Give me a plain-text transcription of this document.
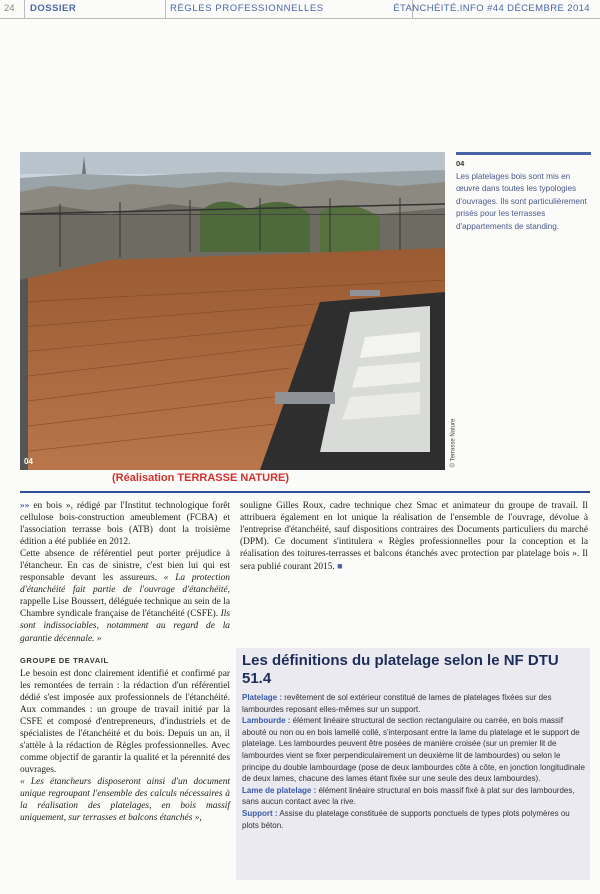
24 DOSSIER	RÈGLES PROFESSIONNELLES	ÉTANCHÉITÉ.INFO #44 DÉCEMBRE 2014
04	© Terrasse Nature
04
Les platelages bois sont mis en œuvre dans toutes les typologies d'ouvrages. Ils sont particulièrement prisés pour les terrasses d'appartements de standing.
(Réalisation TERRASSE NATURE)

»» en bois », rédigé par l'Institut technologique forêt cellulose bois-construction ameublement (FCBA) et l'association terrasse bois (ATB) dont la troisième édition a été publiée en 2012.

Cette absence de référentiel peut porter préjudice à l'étancheur. En cas de sinistre, c'est bien lui qui est responsable devant les assureurs. « La protection d'étanchéité fait partie de l'ouvrage d'étanchéité, rappelle Lise Boussert, déléguée technique au sein de la Chambre syndicale française de l'étanchéité (CSFE). Ils sont indissociables, notamment au regard de la garantie décennale. »

GROUPE DE TRAVAIL

Le besoin est donc clairement identifié et confirmé par les remontées de terrain : la rédaction d'un référentiel dédié s'est imposée aux professionnels de l'étanchéité. Aux commandes : un groupe de travail initié par la CSFE et composé d'entrepreneurs, d'industriels et de spécialistes de l'étanchéité et du bois. Depuis un an, il s'attèle à la rédaction de Règles professionnelles. Avec comme objectif de garantir la qualité et la pérennité des ouvrages.

« Les étancheurs disposeront ainsi d'un document unique regroupant l'ensemble des calculs nécessaires à la réalisation des platelages, en bois massif uniquement, sur terrasses et balcons étanchés »,

souligne Gilles Roux, cadre technique chez Smac et animateur du groupe de travail. Il attribuera également en lot unique la réalisation de l'ensemble de l'ouvrage, dévolue à l'entreprise d'étanchéité, sauf dispositions contraires des Documents particuliers du marché (DPM). Ce document s'intitulera « Règles professionnelles pour la conception et la réalisation des toitures-terrasses et balcons étanchés avec protection par platelage bois ». Il sera publié courant 2015. ■

Les définitions du platelage selon le NF DTU 51.4

Platelage : revêtement de sol extérieur constitué de lames de platelages fixées sur des lambourdes reposant elles-mêmes sur un support.

Lambourde : élément linéaire structural de section rectangulaire ou carrée, en bois massif abouté ou non ou en bois lamellé collé, s'interposant entre la lame du platelage et le support de platelage. Les lambourdes peuvent être posées de manière croisée (sur un premier lit de lambourdes vient se fixer perpendiculairement un deuxième lit de lambourdes) ou selon le principe du double lambourdage (pose de deux lambourdes côte à côte, en jonction longitudinale de deux lames, chacune des lames étant fixée sur une seule des deux lambourdes).

Lame de platelage : élément linéaire structural en bois massif fixé à plat sur des lambourdes, sans aucun contact avec la rive.

Support : Assise du platelage constituée de supports ponctuels de types plots polymères ou plots béton.
